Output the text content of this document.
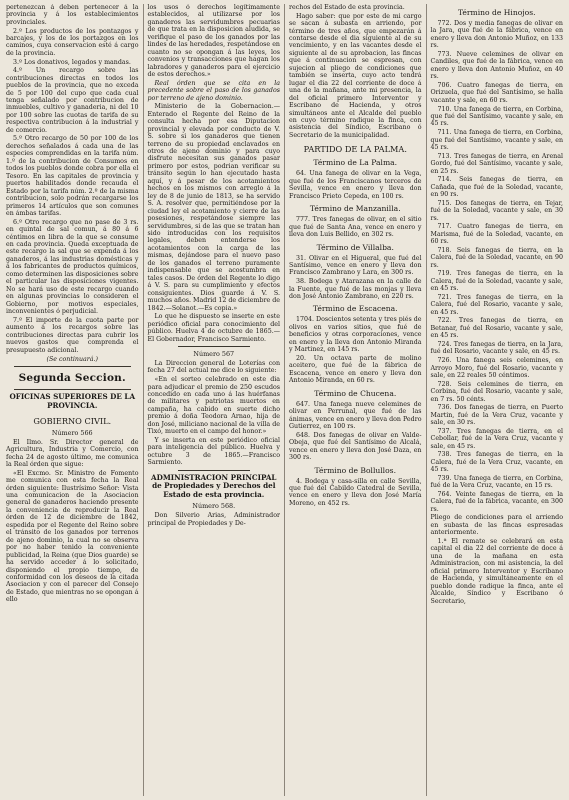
pertenezcan á deben pertenecer á la provincia y á los establecimientos provinciales.

2.º Los productos de los pontazgos y barcajes, y los de los portazgos en los caminos, cuya conservacion esté á cargo de la provincia.

3.º Los donativos, legados y mandas.

4.º Un recargo sobre las contribuciones directas en todos los pueblos de la provincia, que no exceda de 5 por 100 del cupo que cada cual tenga señalado por contribucion de inmuebles, cultivo y ganaderia, ni del 10 por 100 sobre las cuotas de tarifa de su respectiva contribucion á la industrial y de comercio.

5.º Otro recargo de 50 por 100 de los derechos señalados á cada una de las especies comprendidas en la tarifa núm. 1.º de la contribucion de Consumos en todos los pueblos donde cobra por ella el Tesoro. En las capitales de provincia y puertos habilitados donde recauda el Estado por la tarifa núm. 2.º de la misma contribucion, solo podrán recargarse los primeros 14 artículos que son comunes en ámbas tarifas.

6.º Otro recargo que no pase de 3 rs. en quintal de sal comun, á 80 á 6 céntimos en libra de la que se consume en cada provincia. Queda exceptuada de este recargo la sal que se expenda á los ganaderos, á las industrias domésticas y á los fabricantes de productos químicos, como determinen las disposiciones sobre el particular las disposiciones vigentes. No se hará uso de este recargo cuando en algunas provincias lo consideren el Gobierno, por motivos especiales, inconvenientes ó perjudicial.

7.º El importe de la cuota parte por aumento á los recargos sobre las contribuciones directas para cubrir los nuevos gastos que comprenda el presupuesto adicional.

(Se continuará.)

Segunda Seccion.

OFICINAS SUPERIORES DE LA PROVINCIA.

GOBIERNO CIVIL.

Número 566

El Ilmo. Sr. Director general de Agricultura, Industria y Comercio, con fecha 24 de agosto último, me comunica la Real órden que sigue:

«El Excmo. Sr. Ministro de Fomento me comunica con esta fecha la Real órden siguiente: Ilustrísimo Señor: Vista una comunicacion de la Asociacion general de ganaderos haciendo presente la conveniencia de reproducir la Real órden de 12 de diciembre de 1842, espedida por el Regente del Reino sobre el tránsito de los ganados por terrenos de ajeno dominio, la cual no se observa por no haber tenido la conveniente publicidad, la Reina (que Dios guarde) se ha servido acceder á lo solicitado, disponiendo el propio tiempo, de conformidad con los deseos de la citada Asociacion y con el parecer del Consejo de Estado, que mientras no se opongan á ello

los usos ó derechos legítimamente establecidos, al utilizarse por los ganaderos las servidumbres pecuarias de que trata en la disposicion aludida, se verifique el paso de los ganados por las lindes de las heredades, respetándose en cuanto no se opongan á las leyes, los convenios y transacciones que hagan los labradores y ganaderos para el ejercicio de estos derechos.»

Real órden que se cita en la precedente sobre el paso de los ganados por terreno de ajeno dominio.

Ministerio de la Gobernacion.—Enterado el Regente del Reino de la consulta hecha por esa Diputacion provincial y elevada por conducto de V. S. sobre si los ganaderos que tienen terreno de su propiedad enclavados en otros de ajeno dominio y para cuyo disfrute necesitan sus ganados pasar primero por estos, podrian verificar su tránsito según lo han ejecutado hasta aquí, y á pesar de los acotamientos hechos en los mismos con arreglo á la ley de 8 de junio de 1813, se ha servido S. A. resolver que, permitiéndose por la ciudad ley el acotamiento y cierre de las posesiones, respetándose siempre las servidumbres, si de las que se tratan han sido introducidas con los requisitos legales, deben entenderse los acotamientos con la carga de las mismas, dejándose para el nuevo paso de los ganados el terreno puramente indispensable que se acostumbra en tales casos. De órden del Regente lo digo á V. S. para su cumplimiento y efectos consiguientes. Dios guarde á V. S. muchos años. Madrid 12 de diciembre de 1842.—Solanot.—Es copia.»

Lo que he dispuesto se inserte en este periódico oficial para conocimiento del público. Huelva 4 de octubre de 1865.—El Gobernador, Francisco Sarmiento.

Número 567

La Direccion general de Loterías con fecha 27 del actual me dice lo siguiente:

«En el sorteo celebrado en este dia para adjudicar el premio de 250 escudos concedido en cada uno á las huérfanas de militares y patriotas muertos en campaña, ha cabido en suerte dicho premio á doña Teodora Arnao, hija de don José, miliciano nacional de la villa de Tixó, muerto en el campo del honor.»

Y se inserta en este periódico oficial para inteligencia del público. Huelva y octubre 3 de 1865.—Francisco Sarmiento.

ADMINISTRACION PRINCIPAL de Propiedades y Derechos del Estado de esta provincia.

Número 568.

Don Silverio Arias, Administrador principal de Propiedades y De-

rechos del Estado de esta provincia.

Hago saber: que por este de mi cargo se sacan á subasta en arriendo, por término de tres años, que empezarán á contarse desde el dia siguiente al de su vencimiento, y en las vacantes desde el siguiente al de su aprobacion, las fincas que á continuacion se espresan, con sujecion al pliego de condiciones que también se inserta, cuyo acto tendrá lugar el dia 22 del corriente de doce á una de la mañana, ante mi presencia, la del oficial primero Interventor y Escribano de Hacienda, y otros simultáneos ante el Alcalde del pueblo en cuyo término radique la finca, con asistencia del Síndico, Escribano ó Secretario de la municipalidad.

PARTIDO DE LA PALMA.

Término de La Palma.

64. Una fanega de olivar en la Vega, que fué de los Franciscanos terceros de Sevilla, vence en enero y lleva don Francisco Prieto Cepeda, en 100 rs.

Término de Manzanilla.

777. Tres fanegas de olivar, en el sitio que fué de Santa Ana, vence en enero y lleva don Luis Bellido, en 302 rs.

Término de Villalba.

31. Olivar en el Higueral, que fué del Santísimo, vence en enero y lleva don Francisco Zambrano y Lara, en 300 rs.

38. Bodega y Atarazana en la calle de la Fuente, que fué de las monjas y lleva don José Antonio Zambrano, en 220 rs.

Término de Escacena.

1704. Doscientos setenta y tres piés de olivos en varios sitios, que fué de beneficios y otras corporaciones, vence en enero y la lleva don Antonio Miranda y Martinez, en 145 rs.

20. Un octava parte de molino aceitero, que fué de la fábrica de Escacena, vence en enero y lleva don Antonio Miranda, en 60 rs.

Término de Chucena.

647. Una fanega nueve celemines de olivar en Perrunal, que fué de las ánimas, vence en enero y lleva don Pedro Gutierrez, en 100 rs.

648. Dos fanegas de olivar en Valde-Obeja, que fué del Santísimo de Alcalá, vence en enero y lleva don José Daza, en 300 rs.

Término de Bollullos.

4. Bodega y casa-silla en calle Sevilla, que fué del Cabildo Catedral de Sevilla, vence en enero y lleva don José María Moreno, en 452 rs.

Término de Hinojos.

772. Dos y media fanegas de olivar en la Jara, que fué de la fábrica, vence en enero y lleva don Antonio Muñoz, en 133 rs.

773. Nueve celemines de olivar en Candiles, que fué de la fábrica, vence en enero y lleva don Antonio Muñoz, en 40 rs.

706. Cuatro fanegas de tierra, en Orizuela, que fué del Santísimo, se halla vacante y sale, en 60 rs.

710. Una fanega de tierra, en Corbina, que fué del Santísimo, vacante y sale, en 45 rs.

711. Una fanega de tierra, en Corbina, que fué del Santísimo, vacante y sale, en 45 rs.

713. Tres fanegas de tierra, en Arenal Gordo, fué del Santísimo, vacante y sale, en 25 rs.

714. Seis fanegas de tierra, en Cañada, que fué de la Soledad, vacante, en 90 rs.

715. Dos fanegas de tierra, en Tejar, fué de la Soledad, vacante y sale, en 30 rs.

717. Cuatro fanegas de tierra, en Marisma, fué de la Soledad, vacante, en 60 rs.

718. Seis fanegas de tierra, en la Calera, fué de la Soledad, vacante, en 90 rs.

719. Tres fanegas de tierra, en la Calera, fué de la Soledad, vacante y sale, en 45 rs.

721. Tres fanegas de tierra, en la Calera, fué del Rosario, vacante y sale, en 45 rs.

722. Tres fanegas de tierra, en Betanar, fué del Rosario, vacante y sale, en 45 rs.

724. Tres fanegas de tierra, en la Jara, fué del Rosario, vacante y sale, en 45 rs.

726. Una fanega seis celemines, en Arroyo Moro, fué del Rosario, vacante y sale, en 22 reales 50 céntimos.

728. Seis celemines de tierra, en Corbina, fué del Rosario, vacante y sale, en 7 rs. 50 cénts.

736. Dos fanegas de tierra, en Puerto Martin, fué de la Vera Cruz, vacante y sale, en 30 rs.

737. Tres fanegas de tierra, en el Cebollar, fué de la Vera Cruz, vacante y sale, en 45 rs.

738. Tres fanegas de tierra, en la Calera, fué de la Vera Cruz, vacante, en 45 rs.

739. Una fanega de tierra, en Corbina, fué de la Vera Cruz, vacante, en 15 rs.

764. Veinte fanegas de tierra, en la Calera, fué de la fábrica, vacante, en 300 rs.

Pliego de condiciones para el arriendo en subasta de las fincas espresadas anteriormente.

1.ª El remate se celebrará en esta capital el dia 22 del corriente de doce á una de la mañana en esta Administracion, con mi asistencia, la del oficial primero Interventor y Escribano de Hacienda, y simultáneamente en el pueblo donde radique la finca, ante el Alcalde, Síndico y Escribano ó Secretario,
